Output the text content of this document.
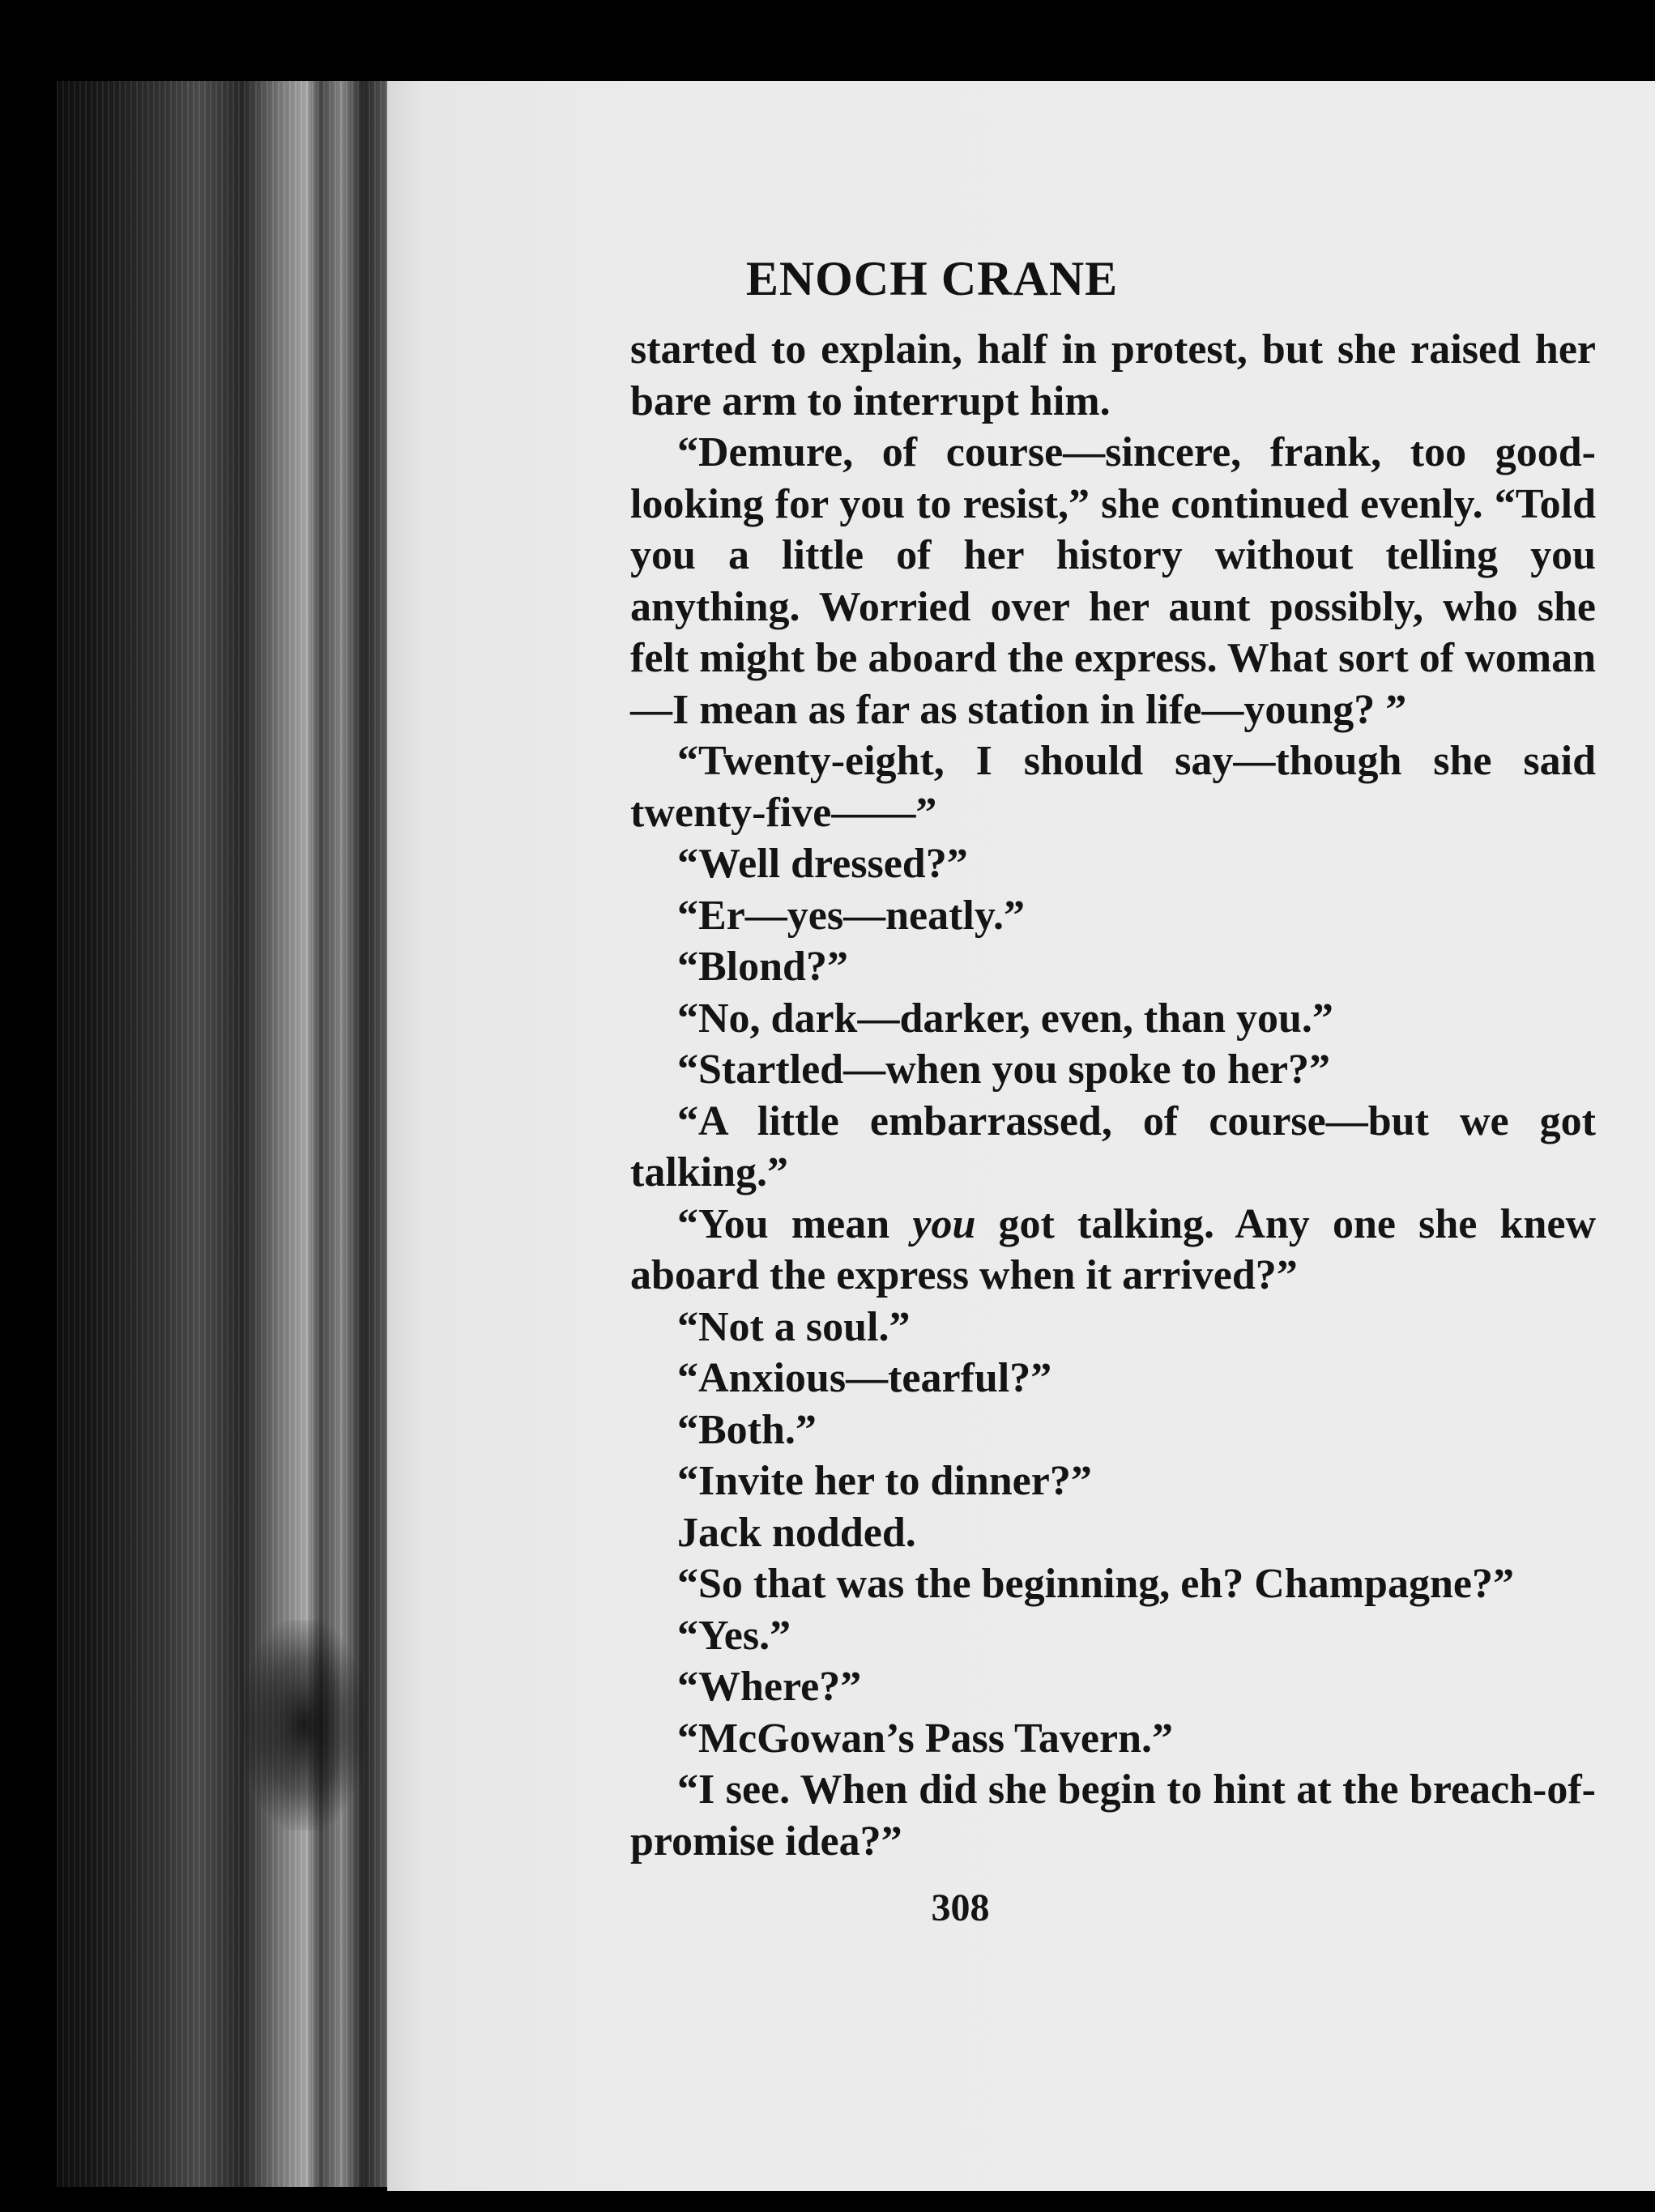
ENOCH CRANE

started to explain, half in protest, but she raised her bare arm to interrupt him.

“Demure, of course—sincere, frank, too good-looking for you to resist,” she continued evenly. “Told you a little of her history without telling you anything. Worried over her aunt possibly, who she felt might be aboard the express. What sort of woman—I mean as far as station in life—young? ”

“Twenty-eight, I should say—though she said twenty-five——”

“Well dressed?”

“Er—yes—neatly.”

“Blond?”

“No, dark—darker, even, than you.”

“Startled—when you spoke to her?”

“A little embarrassed, of course—but we got talking.”

“You mean you got talking. Any one she knew aboard the express when it arrived?”

“Not a soul.”

“Anxious—tearful?”

“Both.”

“Invite her to dinner?”

Jack nodded.

“So that was the beginning, eh? Champagne?”

“Yes.”

“Where?”

“McGowan’s Pass Tavern.”

“I see. When did she begin to hint at the breach-of-promise idea?”

308
